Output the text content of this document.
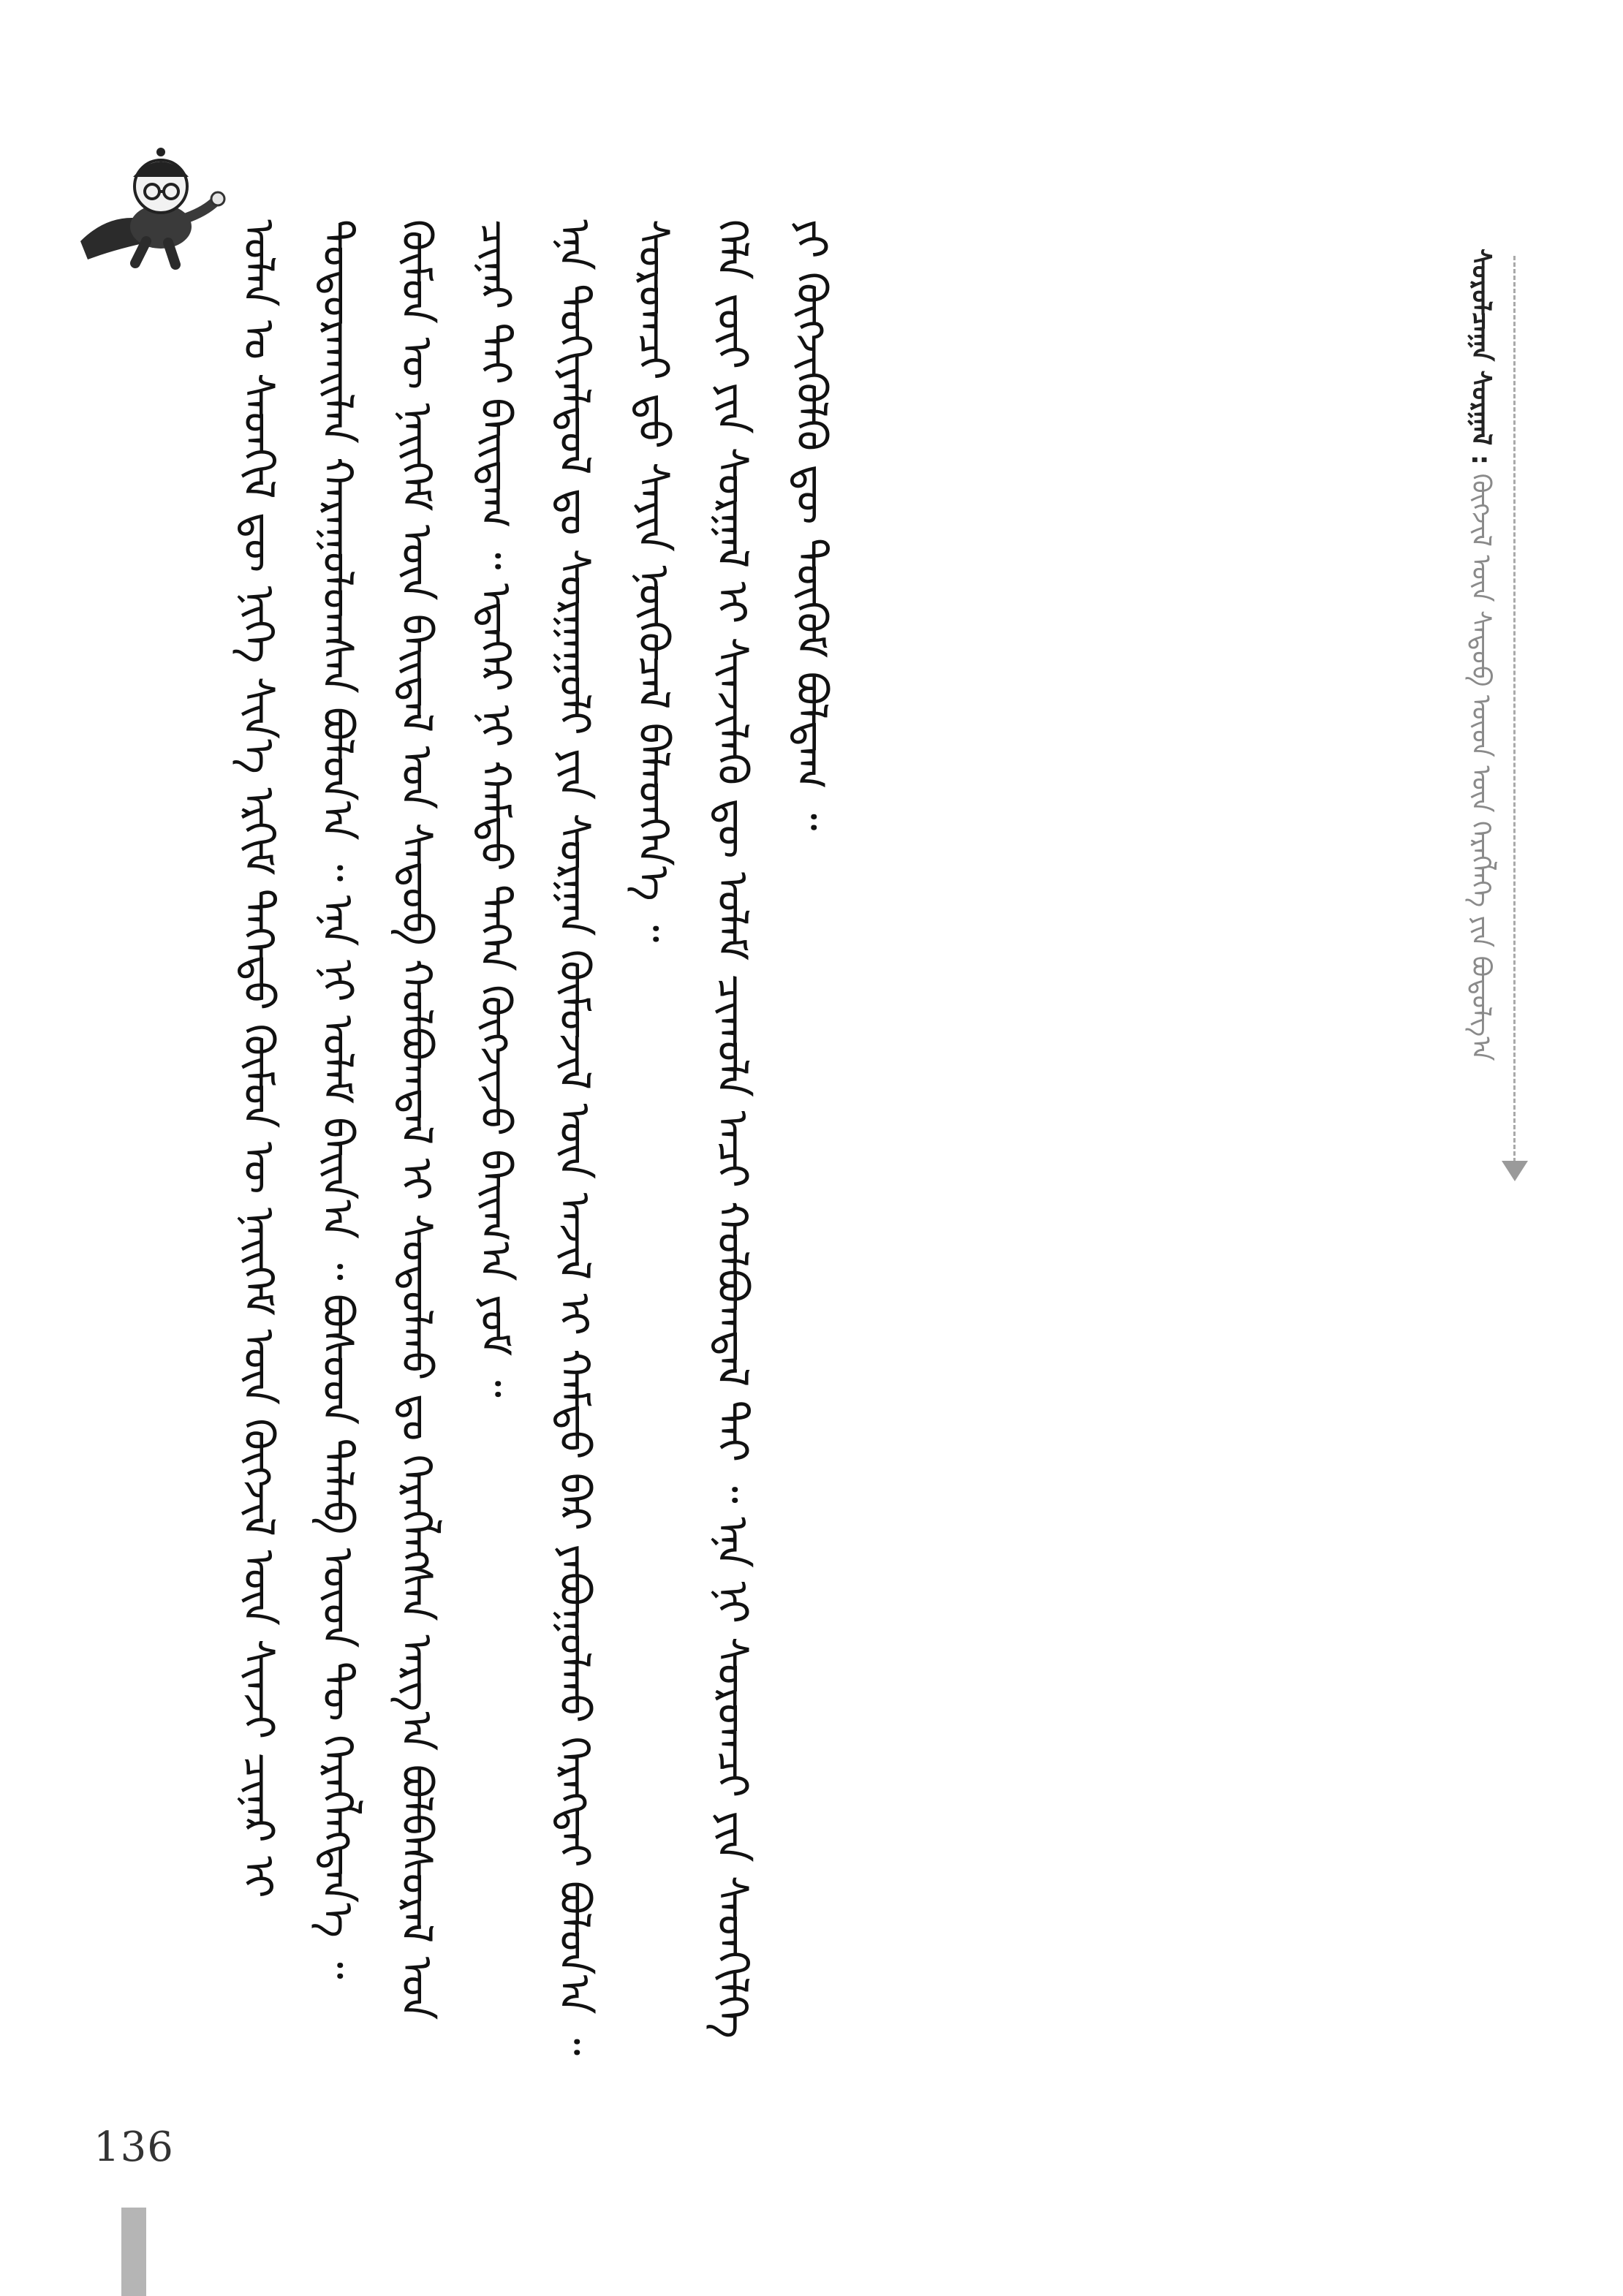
ᠰᠤᠷᠤᠯᠴᠠᠭᠠ ᠰᠤᠷᠭᠠᠯ : ᠬᠦᠭᠵᠢᠯ ᠦᠨ ᠰᠡᠳᠦᠪ ᠦᠳ ᠦᠨ ᠬᠡᠷᠡᠭᠯᠡᠭᠡ ᠶᠢᠨ ᠪᠣᠳᠤᠯᠭ᠎ᠠ

ᠣᠯᠠᠨ ᠤ ᠰᠡᠳᠬᠢᠯ ᠳᠦ ᠨᠢᠭᠡ ᠰᠢᠨ᠎ᠡ ᠡᠷᠬᠢᠮ ᠳᠡᠭᠡᠳᠦ ᠬᠦᠮᠦᠨ ᠦ ᠨᠡᠢᠭᠡᠮ ᠦᠨ ᠬᠥᠭᠵᠢᠯ ᠦᠨ ᠰᠢᠨᠵᠢ ᠴᠢᠨᠠᠷ ᠢ ᠲᠣᠳᠤᠷᠬᠠᠢᠯᠠᠨ ᠬᠠᠷᠠᠭᠤᠯᠤᠭᠰᠠᠨ ᠪᠣᠯᠤᠨ᠎ᠠ ᠃ ᠡᠨᠡ ᠨᠢ ᠤᠯᠠᠮ ᠪᠠᠢᠨ᠎ᠠ ᠃ ᠪᠤᠰᠤᠳ ᠲᠡᠯᠡᠪ ᠦᠳ ᠲᠦ ᠬᠡᠷᠡᠭᠯᠡᠭᠳᠡᠨ᠎ᠡ ᠃ ᠬᠦᠮᠦᠨ ᠦ ᠨᠡᠢᠭᠡᠮ ᠦᠨ ᠪᠠᠢᠳᠠᠯ ᠤᠨ ᠰᠡᠳᠦᠪ ᠬᠣᠯᠪᠣᠭᠳᠠᠯ ᠢ ᠰᠤᠳᠤᠯᠬᠤ ᠳᠤ ᠬᠡᠷᠡᠭᠯᠡᠭᠰᠡᠨ ᠠᠷᠭ᠎ᠠ ᠪᠣᠯᠪᠠᠰᠤᠷᠠᠯ ᠤᠨ ᠴᠢᠨᠠᠷ ᠲᠠᠢ ᠪᠠᠢᠳᠠᠭ ᠃ ᠡᠳᠡᠭᠡᠷ ᠨᠢ ᠬᠠᠮᠲᠤ ᠳᠡᠭᠡᠨ ᠬᠥᠭᠵᠢᠵᠦ ᠪᠠᠢᠭ᠎ᠠ ᠶᠤᠮ ᠃ ᠡᠨᠡ ᠲᠣᠬᠢᠶᠠᠯᠳᠣᠯ ᠳᠤ ᠰᠤᠷᠭᠠᠭᠤᠯᠢ ᠶᠢᠨ ᠰᠤᠷᠭᠠᠨ ᠬᠥᠮᠦᠵᠢᠯ ᠦᠨ ᠠᠵᠢᠯ ᠢ ᠬᠠᠮᠲᠤ ᠪᠡᠷ ᠶᠠᠪᠤᠭᠤᠯᠬᠤ ᠬᠡᠷᠡᠭᠲᠡᠢ ᠪᠣᠯᠤᠨ᠎ᠠ ᠃ ᠰᠤᠷᠤᠭᠴᠢ ᠳ᠋ᠤ ᠰᠠᠶᠢᠨ ᠨᠥᠭᠥᠴᠡᠯ ᠪᠡᠯᠡᠳᠬᠡᠨ᠎ᠡ ᠃ ᠬᠡᠯᠡ ᠵᠦᠢ ᠶᠢᠨ ᠰᠤᠷᠭᠠᠯ ᠢ ᠰᠢᠨᠵᠢᠯᠡᠬᠦ ᠳᠦ ᠤᠯᠠᠮ ᠴᠢᠬᠤᠯᠠ ᠠᠴᠢ ᠬᠤᠯᠪᠣᠭᠳᠠᠯ ᠲᠠᠢ ᠃ ᠡᠨᠡ ᠨᠢ ᠰᠤᠷᠤᠭᠴᠢ ᠶᠢᠨ ᠰᠡᠳᠬᠢᠯᠭᠡ ᠶᠢ ᠬᠥᠭᠵᠢᠭᠦᠯᠬᠦ ᠳᠦ ᠳᠥᠬᠥᠮ ᠪᠣᠯᠳᠠᠭ ᠃

136
